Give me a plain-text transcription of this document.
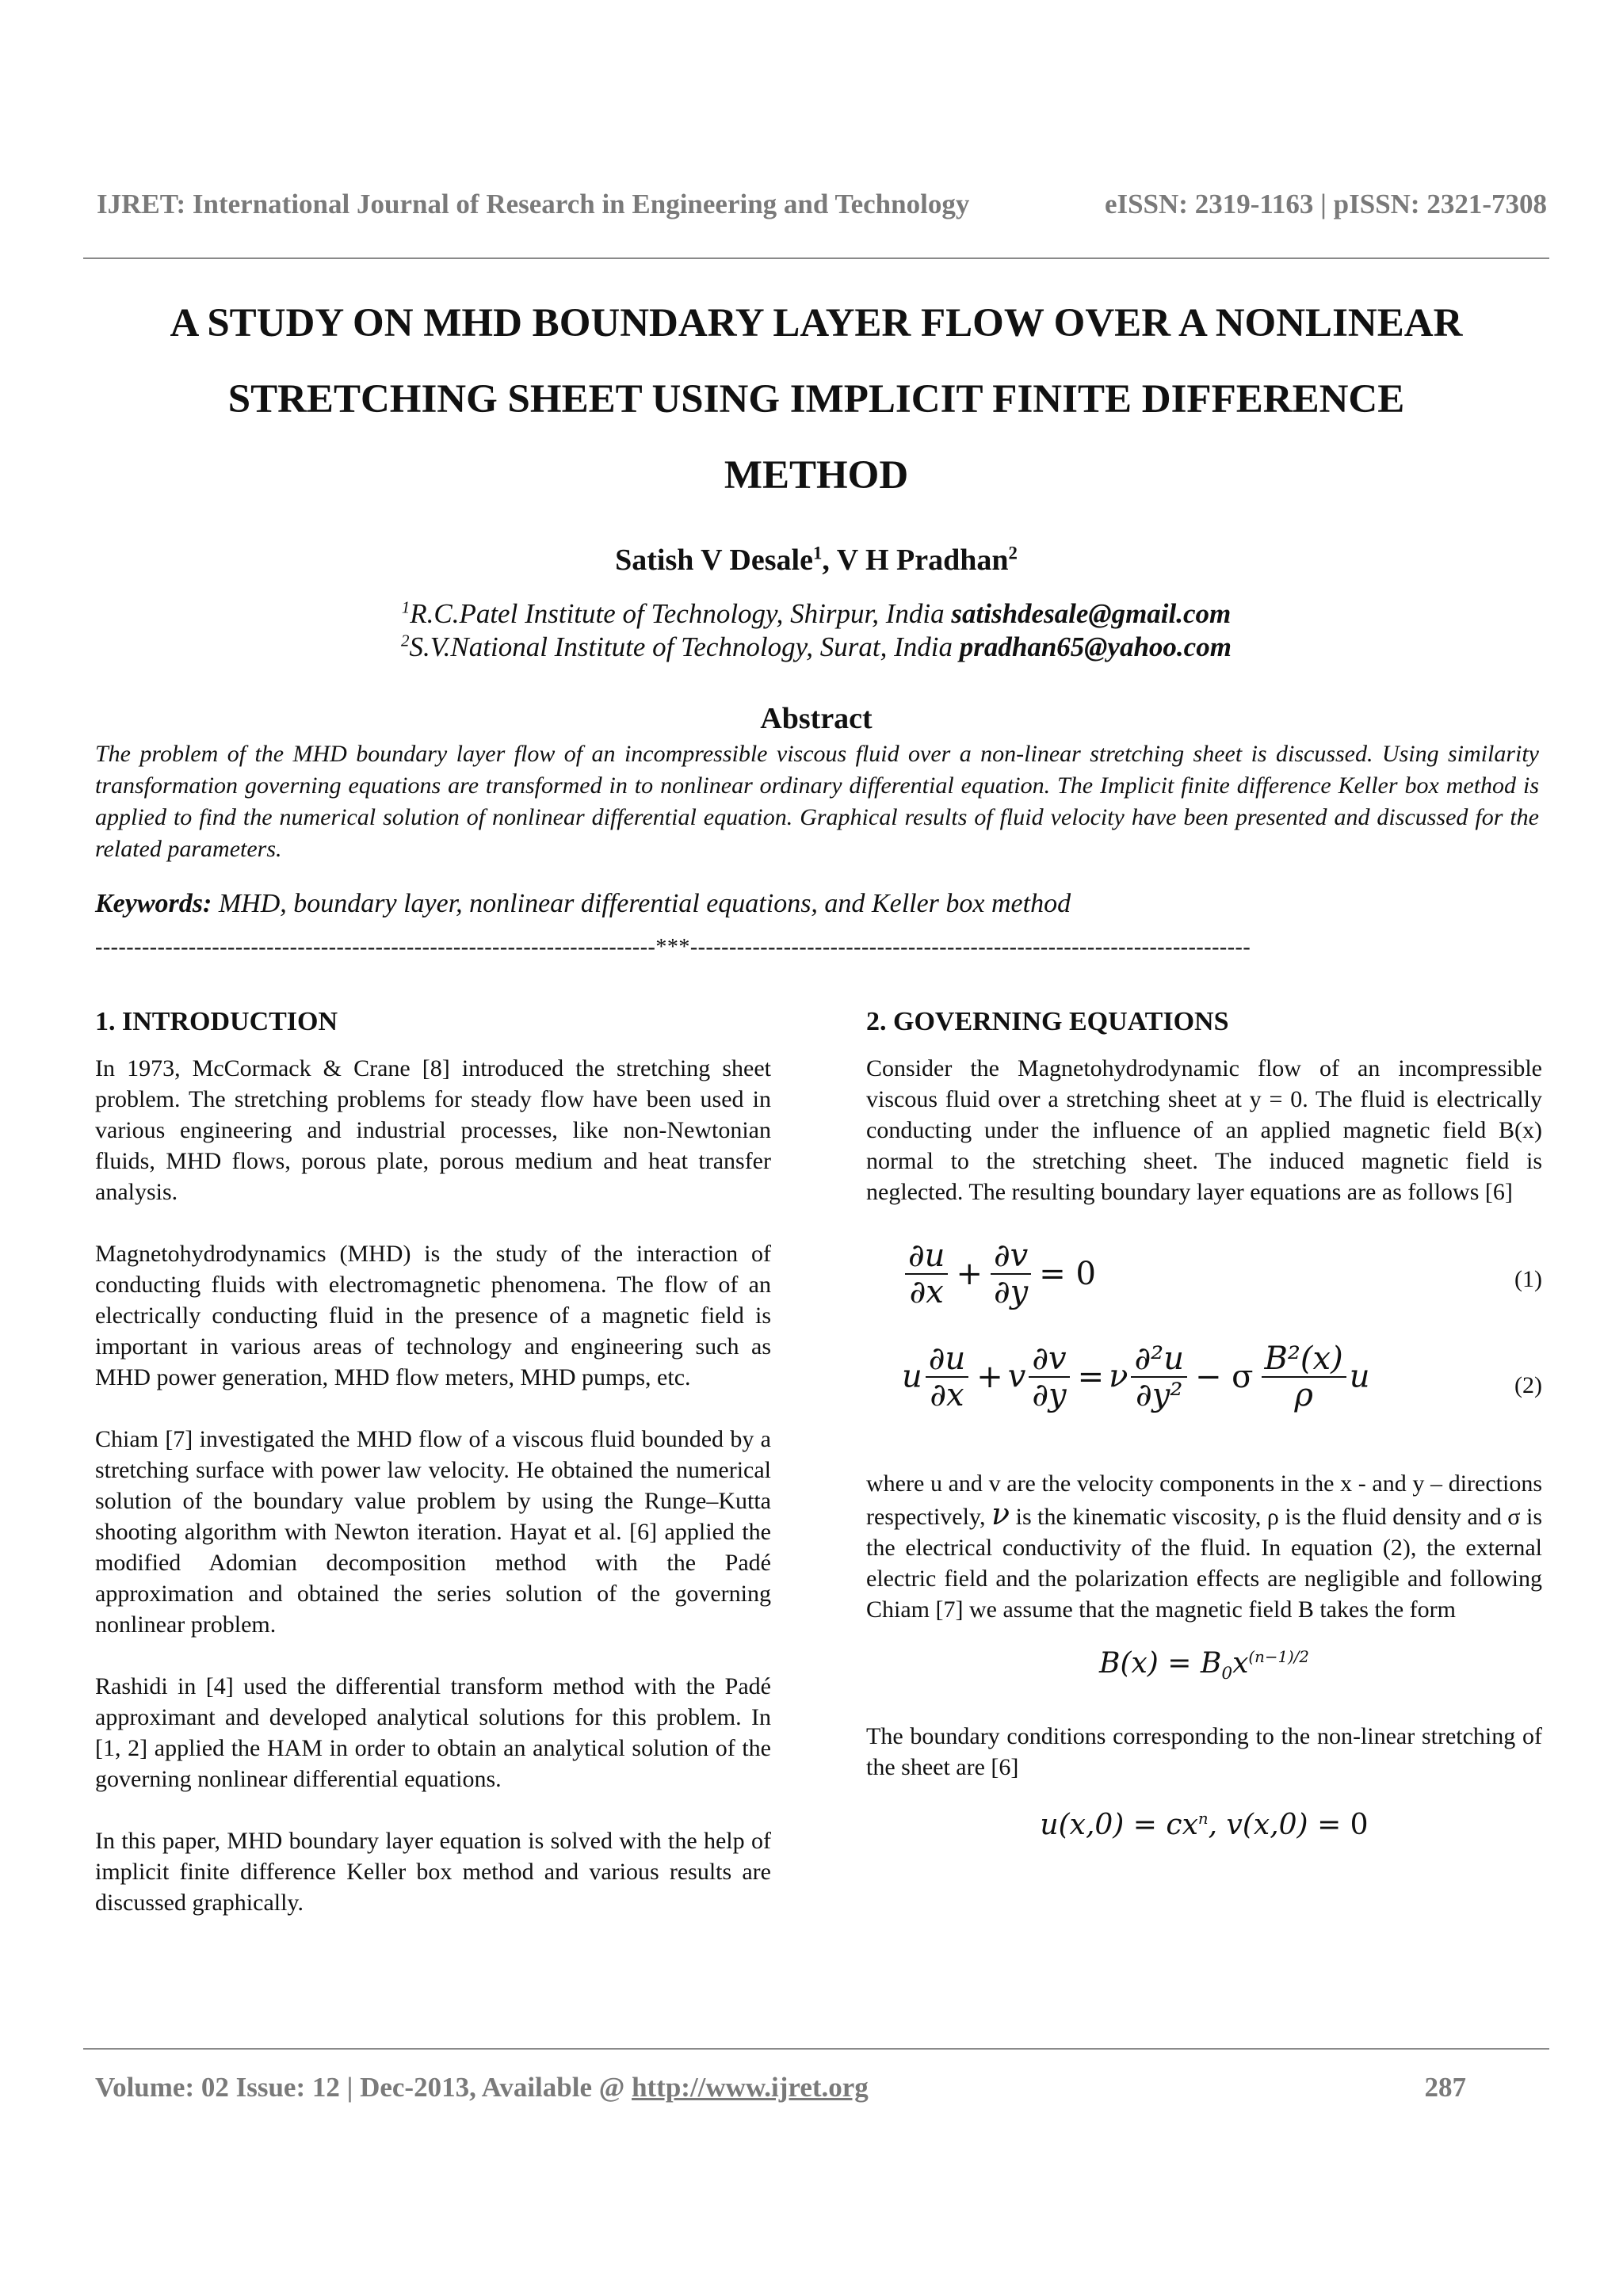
IJRET: International Journal of Research in Engineering and Technology	eISSN: 2319-1163 | pISSN: 2321-7308
A STUDY ON MHD BOUNDARY LAYER FLOW OVER A NONLINEAR
STRETCHING SHEET USING IMPLICIT FINITE DIFFERENCE
METHOD
Satish V Desale$^1$, V H Pradhan$^2$
$^1$R.C.Patel Institute of Technology, Shirpur, India satishdesale@gmail.com
$^2$S.V.National Institute of Technology, Surat, India pradhan65@yahoo.com
Abstract
The problem of the MHD boundary layer flow of an incompressible viscous fluid over a non-linear stretching sheet is discussed. Using similarity transformation governing equations are transformed in to nonlinear ordinary differential equation. The Implicit finite difference Keller box method is applied to find the numerical solution of nonlinear differential equation. Graphical results of fluid velocity have been presented and discussed for the related parameters.
Keywords: MHD, boundary layer, nonlinear differential equations, and Keller box method
------------------------------------------------------------------------***------------------------------------------------------------------------
1. INTRODUCTION
In 1973, McCormack & Crane [8] introduced the stretching sheet problem. The stretching problems for steady flow have been used in various engineering and industrial processes, like non-Newtonian fluids, MHD flows, porous plate, porous medium and heat transfer analysis.
Magnetohydrodynamics (MHD) is the study of the interaction of conducting fluids with electromagnetic phenomena. The flow of an electrically conducting fluid in the presence of a magnetic field is important in various areas of technology and engineering such as MHD power generation, MHD flow meters, MHD pumps, etc.
Chiam [7] investigated the MHD flow of a viscous fluid bounded by a stretching surface with power law velocity. He obtained the numerical solution of the boundary value problem by using the Runge–Kutta shooting algorithm with Newton iteration. Hayat et al. [6] applied the modified Adomian decomposition method with the Padé approximation and obtained the series solution of the governing nonlinear problem.
Rashidi in [4] used the differential transform method with the Padé approximant and developed analytical solutions for this problem. In [1, 2] applied the HAM in order to obtain an analytical solution of the governing nonlinear differential equations.
In this paper, MHD boundary layer equation is solved with the help of implicit finite difference Keller box method and various results are discussed graphically.
2. GOVERNING EQUATIONS
Consider the Magnetohydrodynamic flow of an incompressible viscous fluid over a stretching sheet at y = 0. The fluid is electrically conducting under the influence of an applied magnetic field B(x) normal to the stretching sheet. The induced magnetic field is neglected. The resulting boundary layer equations are as follows [6]
$\frac{\partial u}{\partial x} + \frac{\partial v}{\partial y} = 0$	(1)
u $\frac{\partial u}{\partial x} + v \frac{\partial v}{\partial y} = \nu \frac{\text{∂²u}}{\text{∂y²}} - \sigma \frac{\text{B²(x)}}{\rho}$ u	(2)
where u and v are the velocity components in the x - and y – directions respectively, ν is the kinematic viscosity, ρ is the fluid density and σ is the electrical conductivity of the fluid. In equation (2), the external electric field and the polarization effects are negligible and following Chiam [7] we assume that the magnetic field B takes the form
$B(x) = B_0x^{(n-1)/2}$
The boundary conditions corresponding to the non-linear stretching of the sheet are [6]
$u(x,0) = cx^n$, v(x,0) = 0
Volume: 02 Issue: 12 | Dec-2013, Available @ http://www.ijret.org	287
